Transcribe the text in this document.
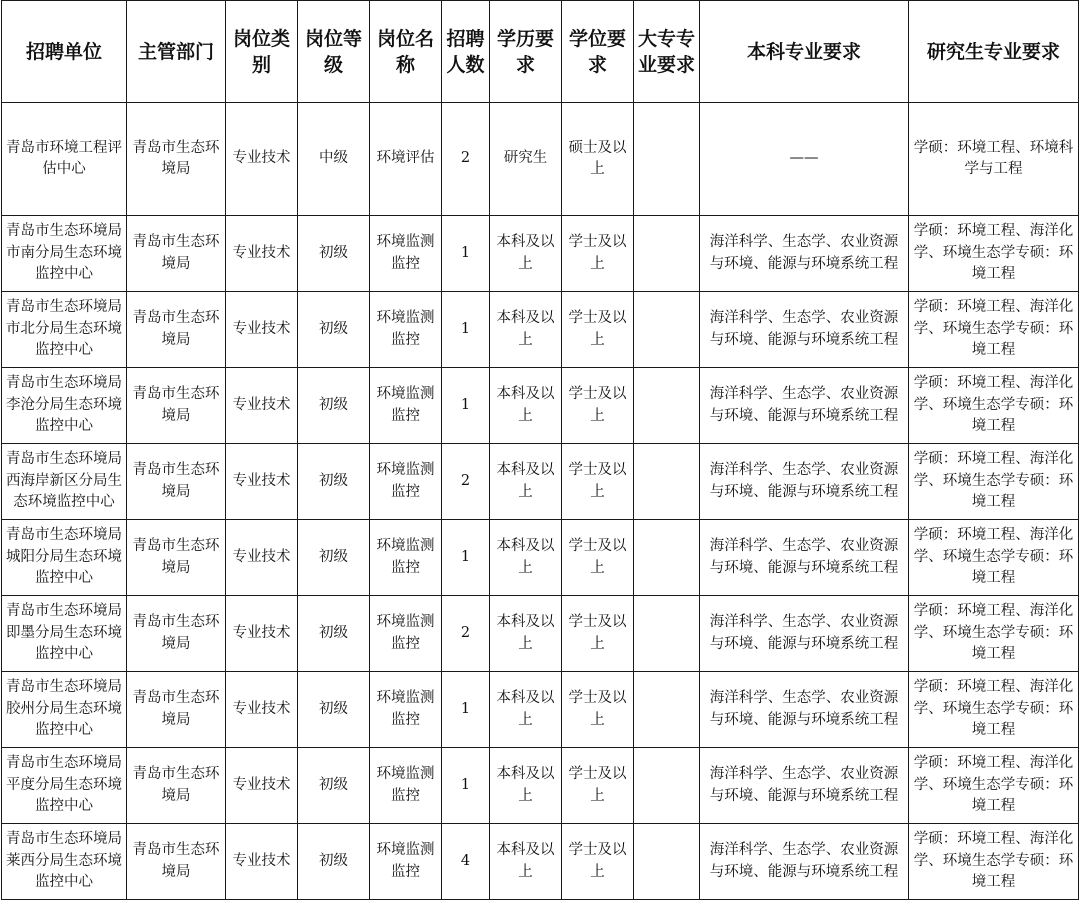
招聘单位	主管部门	岗位类别	岗位等级	岗位名称	招聘人数	学历要求	学位要求	大专专业要求	本科专业要求	研究生专业要求
青岛市环境工程评估中心	青岛市生态环境局	专业技术	中级	环境评估	2	研究生	硕士及以上		——	学硕：环境工程、环境科学与工程
青岛市生态环境局市南分局生态环境监控中心	青岛市生态环境局	专业技术	初级	环境监测监控	1	本科及以上	学士及以上		海洋科学、生态学、农业资源与环境、能源与环境系统工程	学硕：环境工程、海洋化学、环境生态学专硕：环境工程
青岛市生态环境局市北分局生态环境监控中心	青岛市生态环境局	专业技术	初级	环境监测监控	1	本科及以上	学士及以上		海洋科学、生态学、农业资源与环境、能源与环境系统工程	学硕：环境工程、海洋化学、环境生态学专硕：环境工程
青岛市生态环境局李沧分局生态环境监控中心	青岛市生态环境局	专业技术	初级	环境监测监控	1	本科及以上	学士及以上		海洋科学、生态学、农业资源与环境、能源与环境系统工程	学硕：环境工程、海洋化学、环境生态学专硕：环境工程
青岛市生态环境局西海岸新区分局生态环境监控中心	青岛市生态环境局	专业技术	初级	环境监测监控	2	本科及以上	学士及以上		海洋科学、生态学、农业资源与环境、能源与环境系统工程	学硕：环境工程、海洋化学、环境生态学专硕：环境工程
青岛市生态环境局城阳分局生态环境监控中心	青岛市生态环境局	专业技术	初级	环境监测监控	1	本科及以上	学士及以上		海洋科学、生态学、农业资源与环境、能源与环境系统工程	学硕：环境工程、海洋化学、环境生态学专硕：环境工程
青岛市生态环境局即墨分局生态环境监控中心	青岛市生态环境局	专业技术	初级	环境监测监控	2	本科及以上	学士及以上		海洋科学、生态学、农业资源与环境、能源与环境系统工程	学硕：环境工程、海洋化学、环境生态学专硕：环境工程
青岛市生态环境局胶州分局生态环境监控中心	青岛市生态环境局	专业技术	初级	环境监测监控	1	本科及以上	学士及以上		海洋科学、生态学、农业资源与环境、能源与环境系统工程	学硕：环境工程、海洋化学、环境生态学专硕：环境工程
青岛市生态环境局平度分局生态环境监控中心	青岛市生态环境局	专业技术	初级	环境监测监控	1	本科及以上	学士及以上		海洋科学、生态学、农业资源与环境、能源与环境系统工程	学硕：环境工程、海洋化学、环境生态学专硕：环境工程
青岛市生态环境局莱西分局生态环境监控中心	青岛市生态环境局	专业技术	初级	环境监测监控	4	本科及以上	学士及以上		海洋科学、生态学、农业资源与环境、能源与环境系统工程	学硕：环境工程、海洋化学、环境生态学专硕：环境工程
